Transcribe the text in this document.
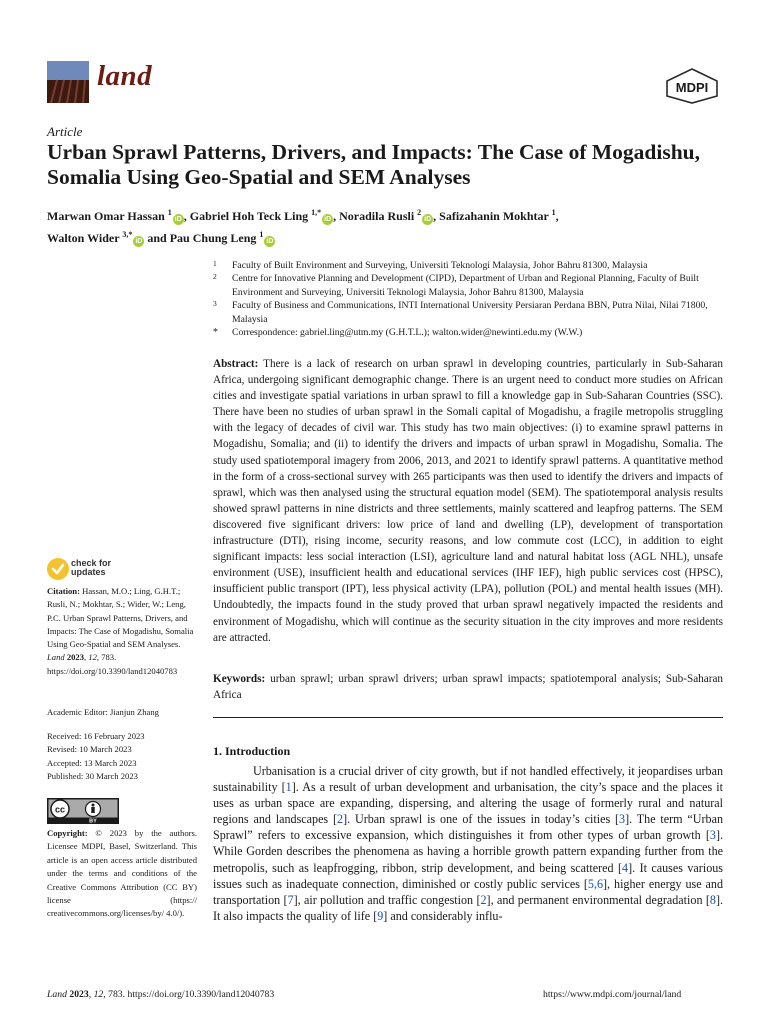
land	MDPI
Article
Urban Sprawl Patterns, Drivers, and Impacts: The Case of Mogadishu, Somalia Using Geo-Spatial and SEM Analyses
Marwan Omar Hassan $^1$iD , Gabriel Hoh Teck Ling $^{1,*}$iD , Noradila Rusli $^2$iD , Safizahanin Mokhtar $^1$,
Walton Wider $^{3,*}$iD and Pau Chung Leng $^1$iD
1 Faculty of Built Environment and Surveying, Universiti Teknologi Malaysia, Johor Bahru 81300, Malaysia
2 Centre for Innovative Planning and Development (CIPD), Department of Urban and Regional Planning, Faculty of Built Environment and Surveying, Universiti Teknologi Malaysia, Johor Bahru 81300, Malaysia
3 Faculty of Business and Communications, INTI International University Persiaran Perdana BBN, Putra Nilai, Nilai 71800, Malaysia
* Correspondence: gabriel.ling@utm.my (G.H.T.L.); walton.wider@newinti.edu.my (W.W.)
Abstract: There is a lack of research on urban sprawl in developing countries, particularly in Sub-Saharan Africa, undergoing significant demographic change. There is an urgent need to conduct more studies on African cities and investigate spatial variations in urban sprawl to fill a knowledge gap in Sub-Saharan Countries (SSC). There have been no studies of urban sprawl in the Somali capital of Mogadishu, a fragile metropolis struggling with the legacy of decades of civil war. This study has two main objectives: (i) to examine sprawl patterns in Mogadishu, Somalia; and (ii) to identify the drivers and impacts of urban sprawl in Mogadishu, Somalia. The study used spatiotemporal imagery from 2006, 2013, and 2021 to identify sprawl patterns. A quantitative method in the form of a cross-sectional survey with 265 participants was then used to identify the drivers and impacts of sprawl, which was then analysed using the structural equation model (SEM). The spatiotemporal analysis results showed sprawl patterns in nine districts and three settlements, mainly scattered and leapfrog patterns. The SEM discovered five significant drivers: low price of land and dwelling (LP), development of transportation infrastructure (DTI), rising income, security reasons, and low commute cost (LCC), in addition to eight significant impacts: less social interaction (LSI), agriculture land and natural habitat loss (AGL NHL), unsafe environment (USE), insufficient health and educational services (IHF IEF), high public services cost (HPSC), insufficient public transport (IPT), less physical activity (LPA), pollution (POL) and mental health issues (MH). Undoubtedly, the impacts found in the study proved that urban sprawl negatively impacted the residents and environment of Mogadishu, which will continue as the security situation in the city improves and more residents are attracted.
Keywords: urban sprawl; urban sprawl drivers; urban sprawl impacts; spatiotemporal analysis; Sub-Saharan Africa
1. Introduction
Urbanisation is a crucial driver of city growth, but if not handled effectively, it jeopardises urban sustainability [1]. As a result of urban development and urbanisation, the city’s space and the places it uses as urban space are expanding, dispersing, and altering the usage of formerly rural and natural regions and landscapes [2]. Urban sprawl is one of the issues in today’s cities [3]. The term “Urban Sprawl” refers to excessive expansion, which distinguishes it from other types of urban growth [3]. While Gorden describes the phenomena as having a horrible growth pattern expanding further from the metropolis, such as leapfrogging, ribbon, strip development, and being scattered [4]. It causes various issues such as inadequate connection, diminished or costly public services [5,6], higher energy use and transportation [7], air pollution and traffic congestion [2], and permanent environmental degradation [8]. It also impacts the quality of life [9] and considerably influ-
check for
updates
Citation: Hassan, M.O.; Ling, G.H.T.; Rusli, N.; Mokhtar, S.; Wider, W.; Leng, P.C. Urban Sprawl Patterns, Drivers, and Impacts: The Case of Mogadishu, Somalia Using Geo-Spatial and SEM Analyses. Land 2023, 12, 783. https://doi.org/10.3390/land12040783
Academic Editor: Jianjun Zhang
Received: 16 February 2023
Revised: 10 March 2023
Accepted: 13 March 2023
Published: 30 March 2023
cc
BY
Copyright: © 2023 by the authors. Licensee MDPI, Basel, Switzerland. This article is an open access article distributed under the terms and conditions of the Creative Commons Attribution (CC BY) license (https:// creativecommons.org/licenses/by/ 4.0/).
Land 2023, 12, 783. https://doi.org/10.3390/land12040783	https://www.mdpi.com/journal/land
